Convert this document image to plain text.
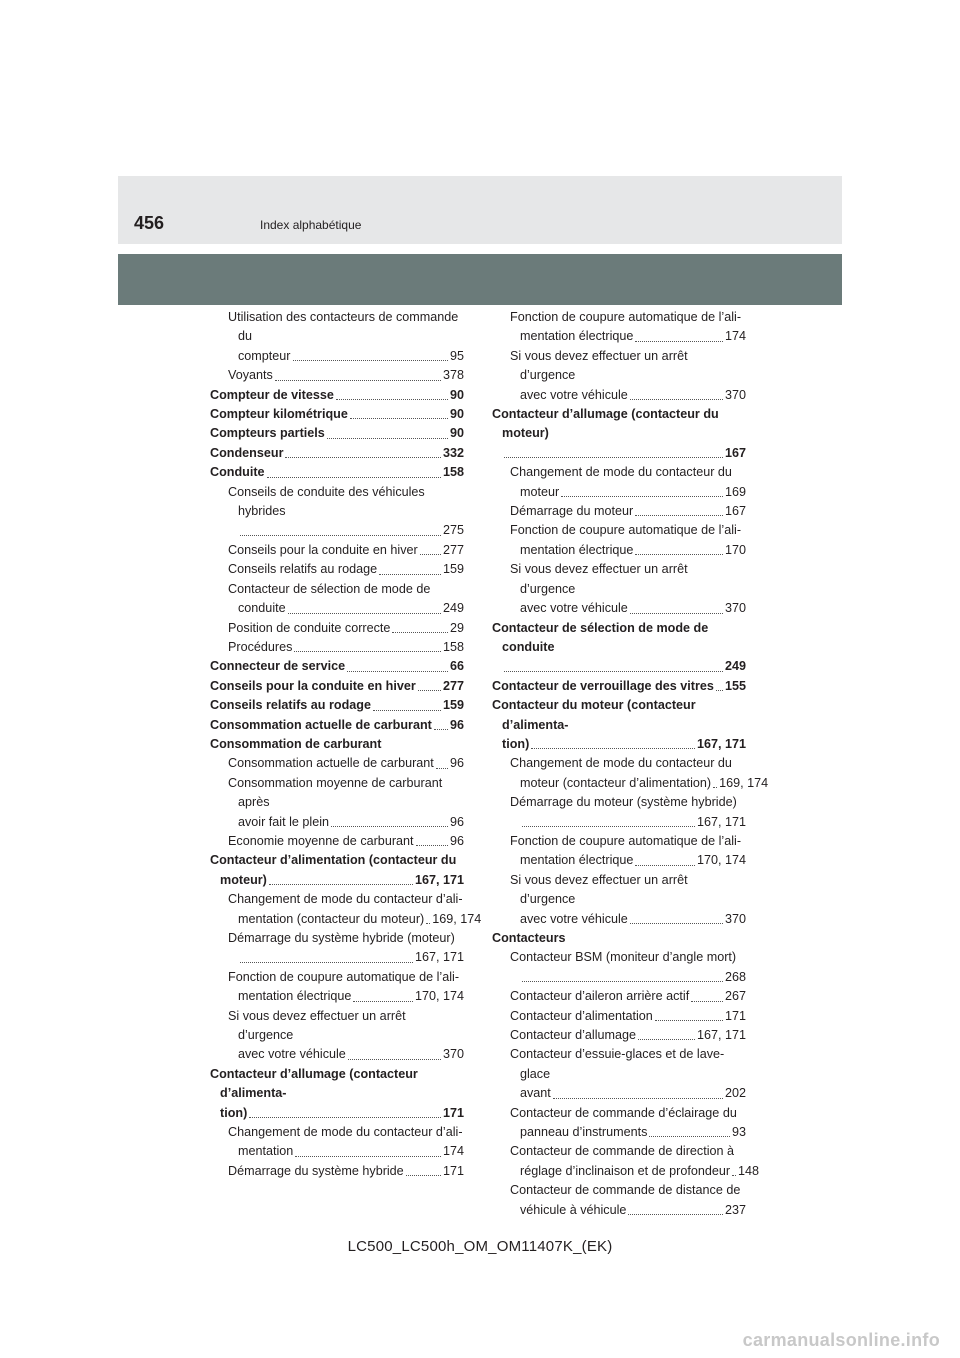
456	Index alphabétique
Utilisation des contacteurs de commande du
compteur	95
Voyants	378
Compteur de vitesse	90
Compteur kilométrique	90
Compteurs partiels	90
Condenseur	332
Conduite	158
Conseils de conduite des véhicules hybrides
275
Conseils pour la conduite en hiver 277
Conseils relatifs au rodage	159
Contacteur de sélection de mode de
conduite	249
Position de conduite correcte	29
Procédures	158
Connecteur de service	66
Conseils pour la conduite en hiver 277
Conseils relatifs au rodage	159
Consommation actuelle de carburant 96
Consommation de carburant
Consommation actuelle de carburant 96
Consommation moyenne de carburant après
avoir fait le plein	96
Economie moyenne de carburant	96
Contacteur d’alimentation (contacteur du
moteur)	167, 171
Changement de mode du contacteur d’ali-
mentation (contacteur du moteur) 169, 174
Démarrage du système hybride (moteur)
167, 171
Fonction de coupure automatique de l’ali-
mentation électrique	170, 174
Si vous devez effectuer un arrêt d’urgence
avec votre véhicule	370
Contacteur d’allumage (contacteur d’alimenta-
tion)	171
Changement de mode du contacteur d’ali-
mentation	174
Démarrage du système hybride	171
Fonction de coupure automatique de l’ali-
mentation électrique	174
Si vous devez effectuer un arrêt d’urgence
avec votre véhicule	370
Contacteur d’allumage (contacteur du moteur)
167
Changement de mode du contacteur du
moteur	169
Démarrage du moteur	167
Fonction de coupure automatique de l’ali-
mentation électrique	170
Si vous devez effectuer un arrêt d’urgence
avec votre véhicule	370
Contacteur de sélection de mode de conduite
249
Contacteur de verrouillage des vitres 155
Contacteur du moteur (contacteur d’alimenta-
tion)	167, 171
Changement de mode du contacteur du
moteur (contacteur d’alimentation) 169, 174
Démarrage du moteur (système hybride)
167, 171
Fonction de coupure automatique de l’ali-
mentation électrique	170, 174
Si vous devez effectuer un arrêt d’urgence
avec votre véhicule	370
Contacteurs
Contacteur BSM (moniteur d’angle mort)
268
Contacteur d’aileron arrière actif	267
Contacteur d’alimentation	171
Contacteur d’allumage	167, 171
Contacteur d’essuie-glaces et de lave-glace
avant	202
Contacteur de commande d’éclairage du
panneau d’instruments	93
Contacteur de commande de direction à
réglage d’inclinaison et de profondeur 148
Contacteur de commande de distance de
véhicule à véhicule	237
LC500_LC500h_OM_OM11407K_(EK)
carmanualsonline.info
